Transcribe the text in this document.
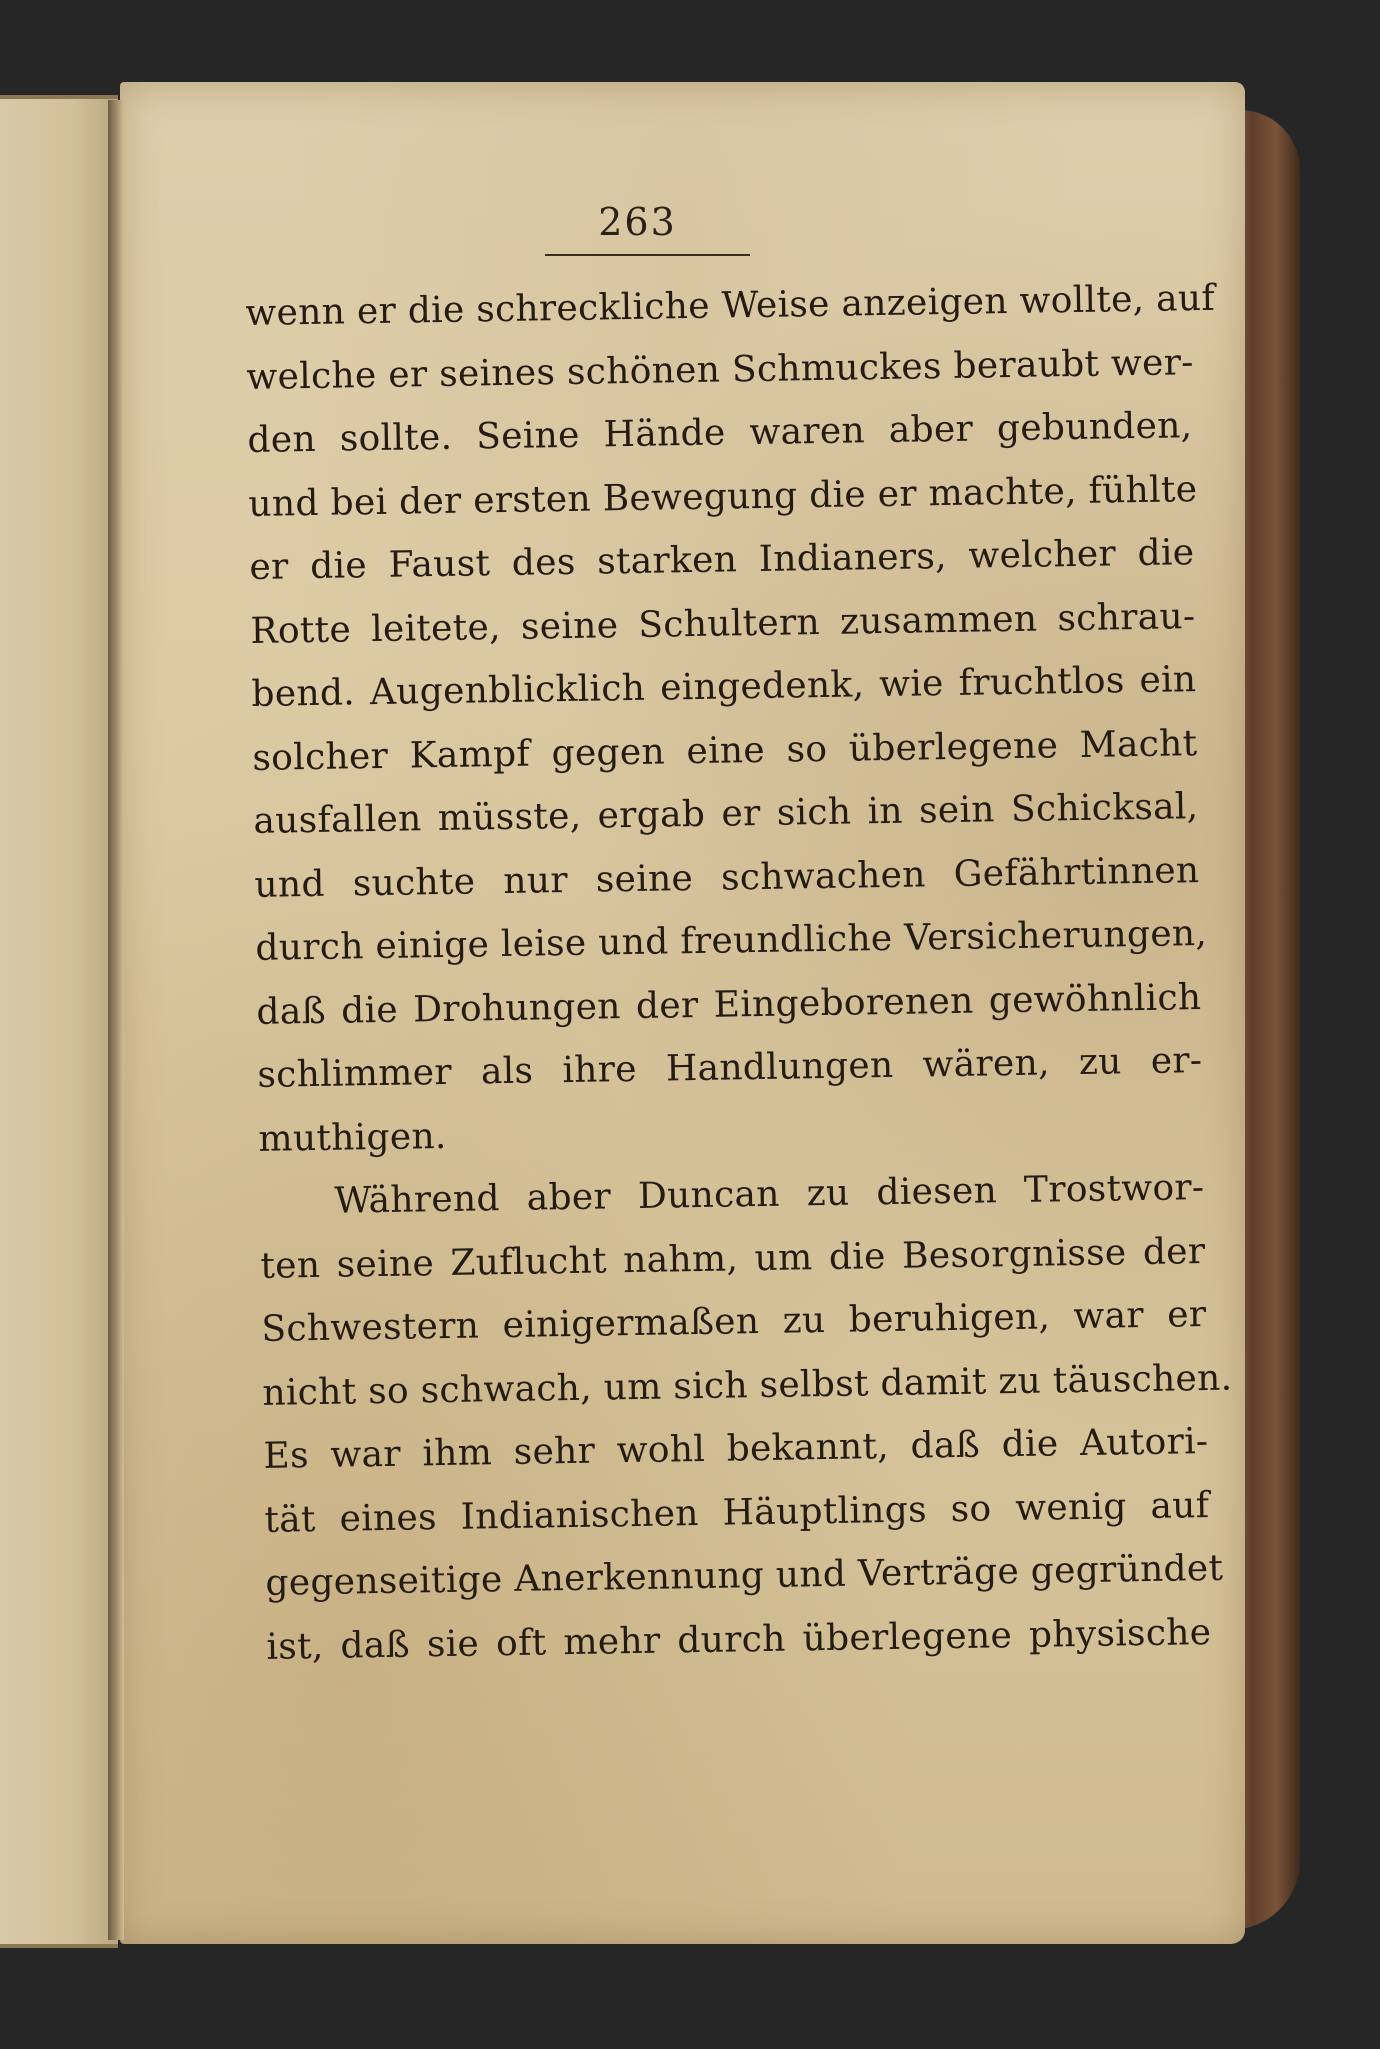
263
wenn er die schreckliche Weise anzeigen wollte, auf
welche er seines schönen Schmuckes beraubt wer-
den sollte. Seine Hände waren aber gebunden,
und bei der ersten Bewegung die er machte, fühlte
er die Faust des starken Indianers, welcher die
Rotte leitete, seine Schultern zusammen schrau-
bend. Augenblicklich eingedenk, wie fruchtlos ein
solcher Kampf gegen eine so überlegene Macht
ausfallen müsste, ergab er sich in sein Schicksal,
und suchte nur seine schwachen Gefährtinnen
durch einige leise und freundliche Versicherungen,
daß die Drohungen der Eingeborenen gewöhnlich
schlimmer als ihre Handlungen wären, zu er-
muthigen.
Während aber Duncan zu diesen Trostwor-
ten seine Zuflucht nahm, um die Besorgnisse der
Schwestern einigermaßen zu beruhigen, war er
nicht so schwach, um sich selbst damit zu täuschen.
Es war ihm sehr wohl bekannt, daß die Autori-
tät eines Indianischen Häuptlings so wenig auf
gegenseitige Anerkennung und Verträge gegründet
ist, daß sie oft mehr durch überlegene physische
